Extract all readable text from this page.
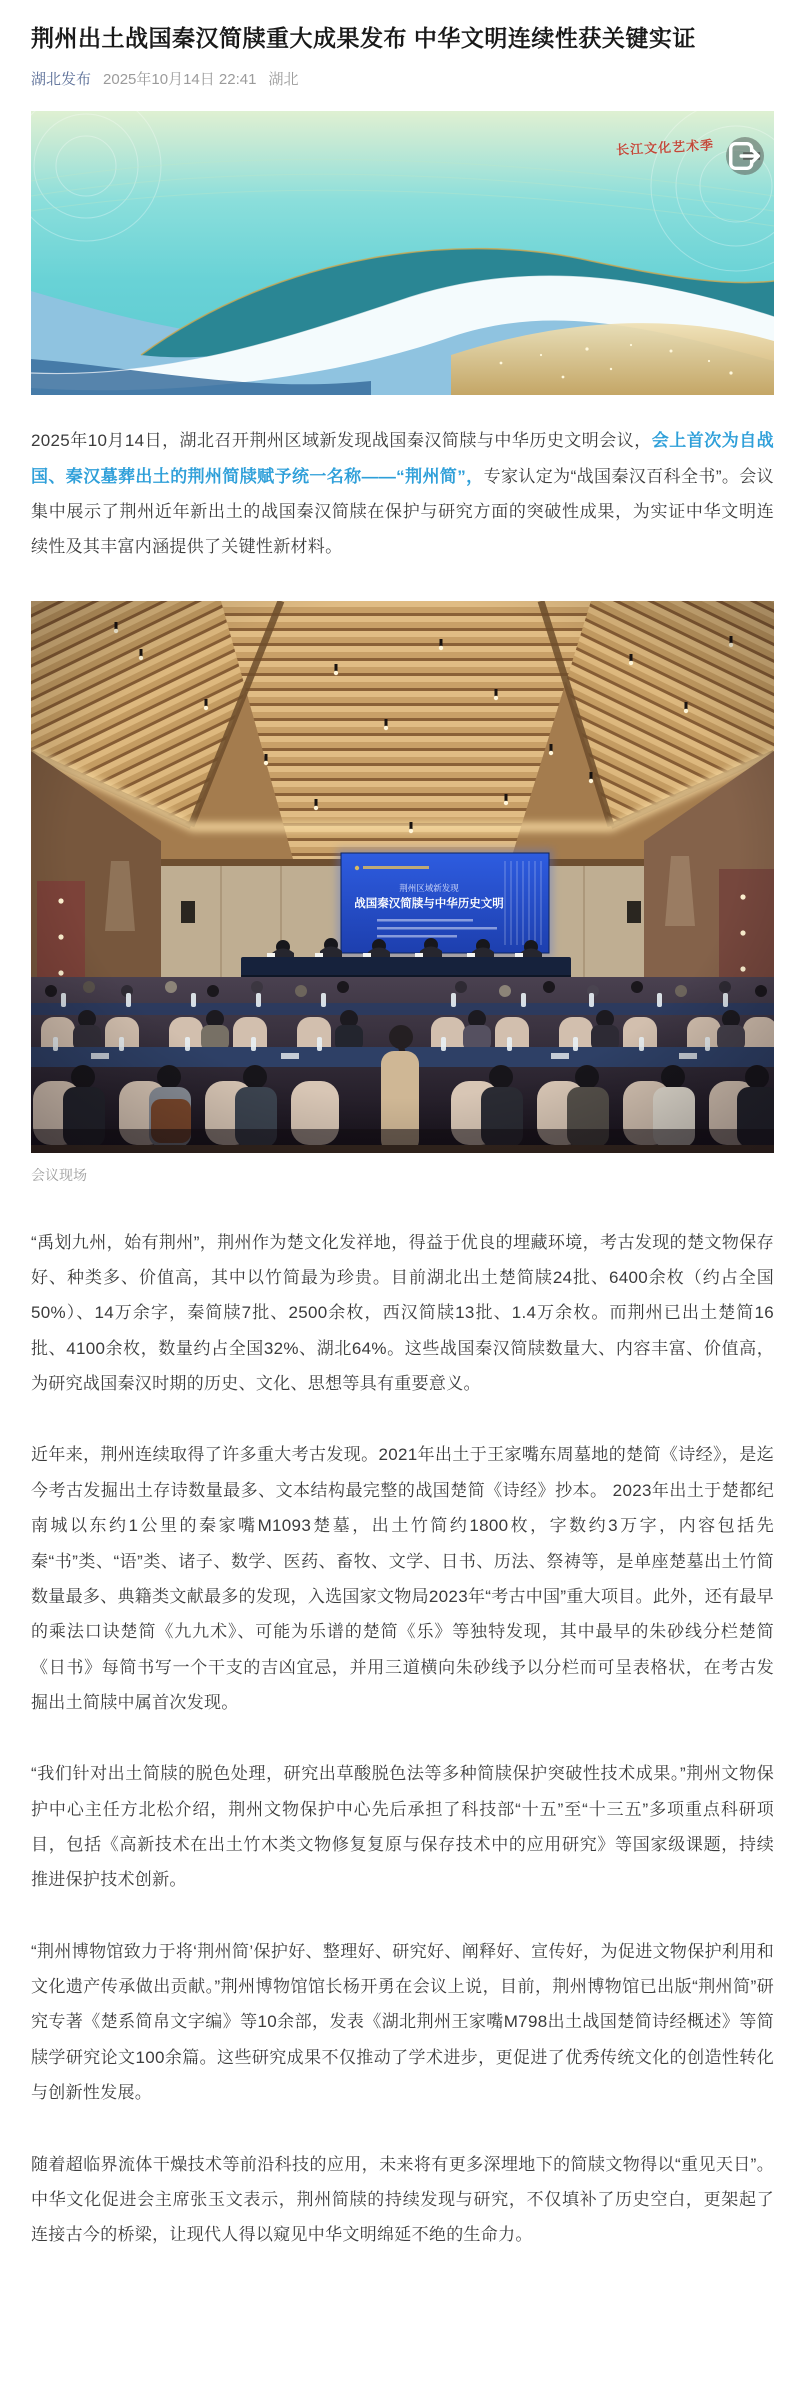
荆州出土战国秦汉简牍重大成果发布 中华文明连续性获关键实证
湖北发布 2025年10月14日 22:41 湖北
长江文化艺术季

2025年10月14日，湖北召开荆州区域新发现战国秦汉简牍与中华历史文明会议，会上首次为自战国、秦汉墓葬出土的荆州简牍赋予统一名称——“荆州简”，专家认定为“战国秦汉百科全书”。会议集中展示了荆州近年新出土的战国秦汉简牍在保护与研究方面的突破性成果，为实证中华文明连续性及其丰富内涵提供了关键性新材料。

会议现场

“禹划九州，始有荆州”，荆州作为楚文化发祥地，得益于优良的埋藏环境，考古发现的楚文物保存好、种类多、价值高，其中以竹简最为珍贵。目前湖北出土楚简牍24批、6400余枚（约占全国50%）、14万余字，秦简牍7批、2500余枚，西汉简牍13批、1.4万余枚。而荆州已出土楚简16批、4100余枚，数量约占全国32%、湖北64%。这些战国秦汉简牍数量大、内容丰富、价值高，为研究战国秦汉时期的历史、文化、思想等具有重要意义。

近年来，荆州连续取得了许多重大考古发现。2021年出土于王家嘴东周墓地的楚简《诗经》，是迄今考古发掘出土存诗数量最多、文本结构最完整的战国楚简《诗经》抄本。 2023年出土于楚都纪南城以东约1公里的秦家嘴M1093楚墓，出土竹简约1800枚，字数约3万字，内容包括先秦“书”类、“语”类、诸子、数学、医药、畜牧、文学、日书、历法、祭祷等，是单座楚墓出土竹简数量最多、典籍类文献最多的发现，入选国家文物局2023年“考古中国”重大项目。此外，还有最早的乘法口诀楚简《九九术》、可能为乐谱的楚简《乐》等独特发现，其中最早的朱砂线分栏楚简《日书》每简书写一个干支的吉凶宜忌，并用三道横向朱砂线予以分栏而可呈表格状，在考古发掘出土简牍中属首次发现。

“我们针对出土简牍的脱色处理，研究出草酸脱色法等多种简牍保护突破性技术成果。”荆州文物保护中心主任方北松介绍，荆州文物保护中心先后承担了科技部“十五”至“十三五”多项重点科研项目，包括《高新技术在出土竹木类文物修复复原与保存技术中的应用研究》等国家级课题，持续推进保护技术创新。

“荆州博物馆致力于将‘荆州简’保护好、整理好、研究好、阐释好、宣传好，为促进文物保护利用和文化遗产传承做出贡献。”荆州博物馆馆长杨开勇在会议上说，目前，荆州博物馆已出版“荆州简”研究专著《楚系简帛文字编》等10余部，发表《湖北荆州王家嘴M798出土战国楚简诗经概述》等简牍学研究论文100余篇。这些研究成果不仅推动了学术进步，更促进了优秀传统文化的创造性转化与创新性发展。

随着超临界流体干燥技术等前沿科技的应用，未来将有更多深埋地下的简牍文物得以“重见天日”。中华文化促进会主席张玉文表示，荆州简牍的持续发现与研究，不仅填补了历史空白，更架起了连接古今的桥梁，让现代人得以窥见中华文明绵延不绝的生命力。
